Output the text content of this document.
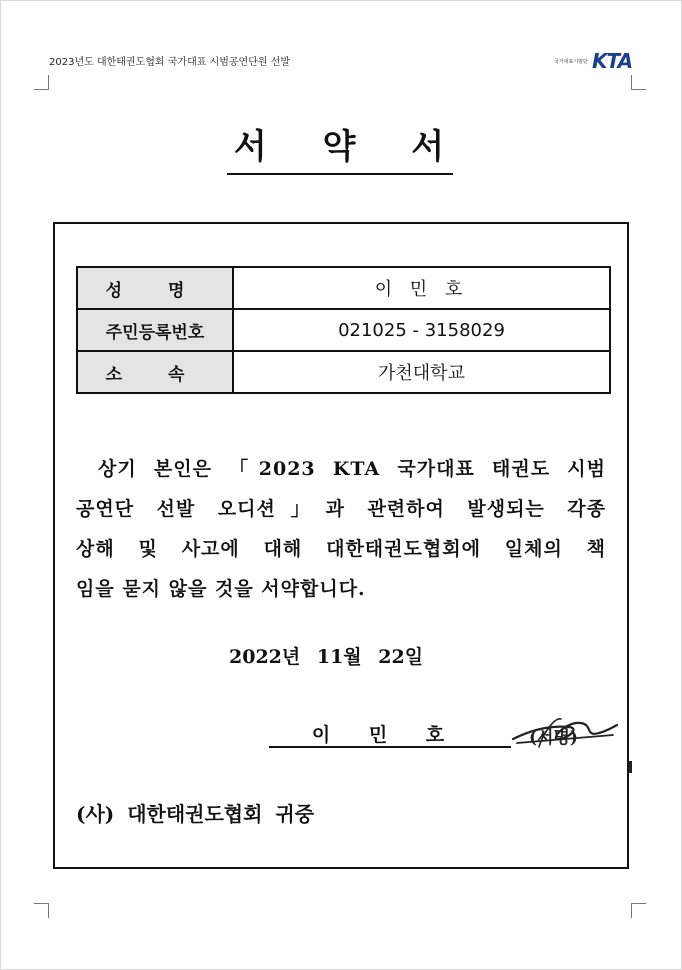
2023년도 대한태권도협회 국가대표 시범공연단원 선발	국가대표시범단 KTA
서 약 서
성 명	이 민 호
주민등록번호	021025 - 3158029
소 속	가천대학교
상기 본인은 「2023 KTA 국가대표 태권도 시범
공연단 선발 오디션」과 관련하여 발생되는 각종
상해 및 사고에 대해 대한태권도협회에 일체의 책
임을 묻지 않을 것을 서약합니다.
2022년 11월 22일
이 민 호	(서명)
(사) 대한태권도협회 귀중
